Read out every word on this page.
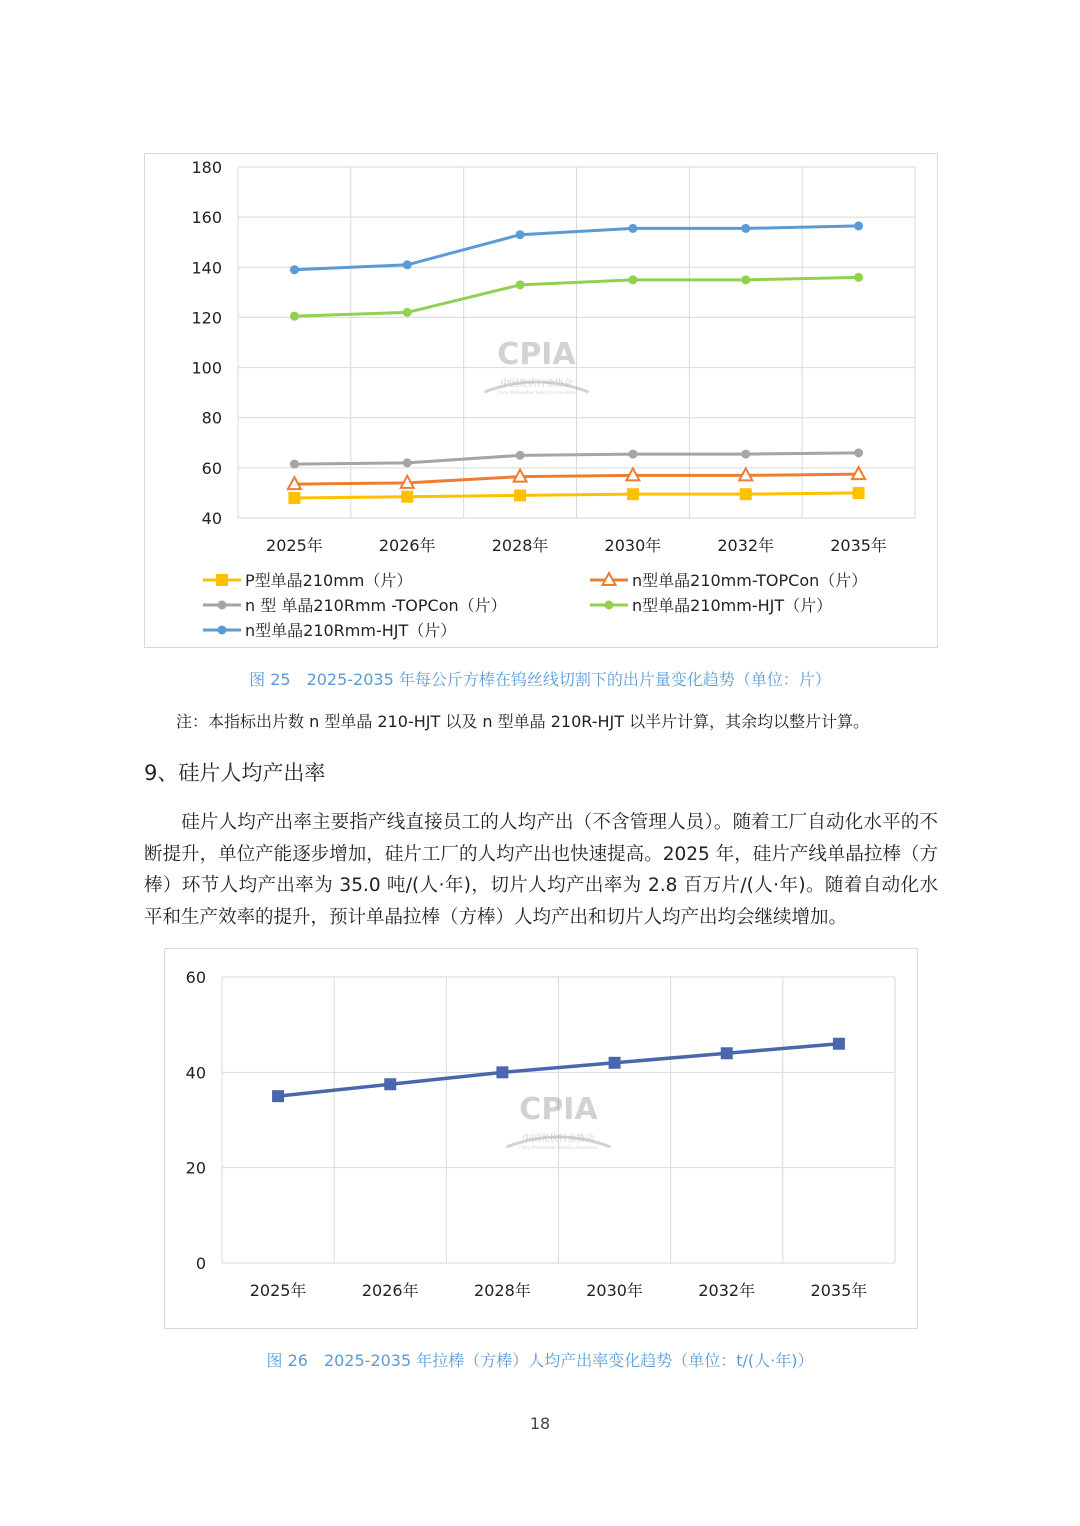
180
160
140
120
100
80
60
40
2025年	2026年	2028年	2030年	2032年	2035年
CPIA
中国光伏行业协会
China Photovoltaic Industry Association
P型单晶210mm（片）	n型单晶210mm-TOPCon（片）
n 型 单晶210Rmm -TOPCon（片）	n型单晶210mm-HJT（片）
n型单晶210Rmm-HJT（片）
图 25　2025-2035 年每公斤方棒在钨丝线切割下的出片量变化趋势（单位：片）
注：本指标出片数 n 型单晶 210-HJT 以及 n 型单晶 210R-HJT 以半片计算，其余均以整片计算。
9、硅片人均产出率
硅片人均产出率主要指产线直接员工的人均产出（不含管理人员）。随着工厂自动化水平的不断提升，单位产能逐步增加，硅片工厂的人均产出也快速提高。2025 年，硅片产线单晶拉棒（方棒）环节人均产出率为 35.0 吨/(人·年)，切片人均产出率为 2.8 百万片/(人·年)。随着自动化水平和生产效率的提升，预计单晶拉棒（方棒）人均产出和切片人均产出均会继续增加。
60
40
20
0
2025年	2026年	2028年	2030年	2032年	2035年
CPIA
中国光伏行业协会
China Photovoltaic Industry Association
图 26　2025-2035 年拉棒（方棒）人均产出率变化趋势（单位：t/(人·年)）
18
